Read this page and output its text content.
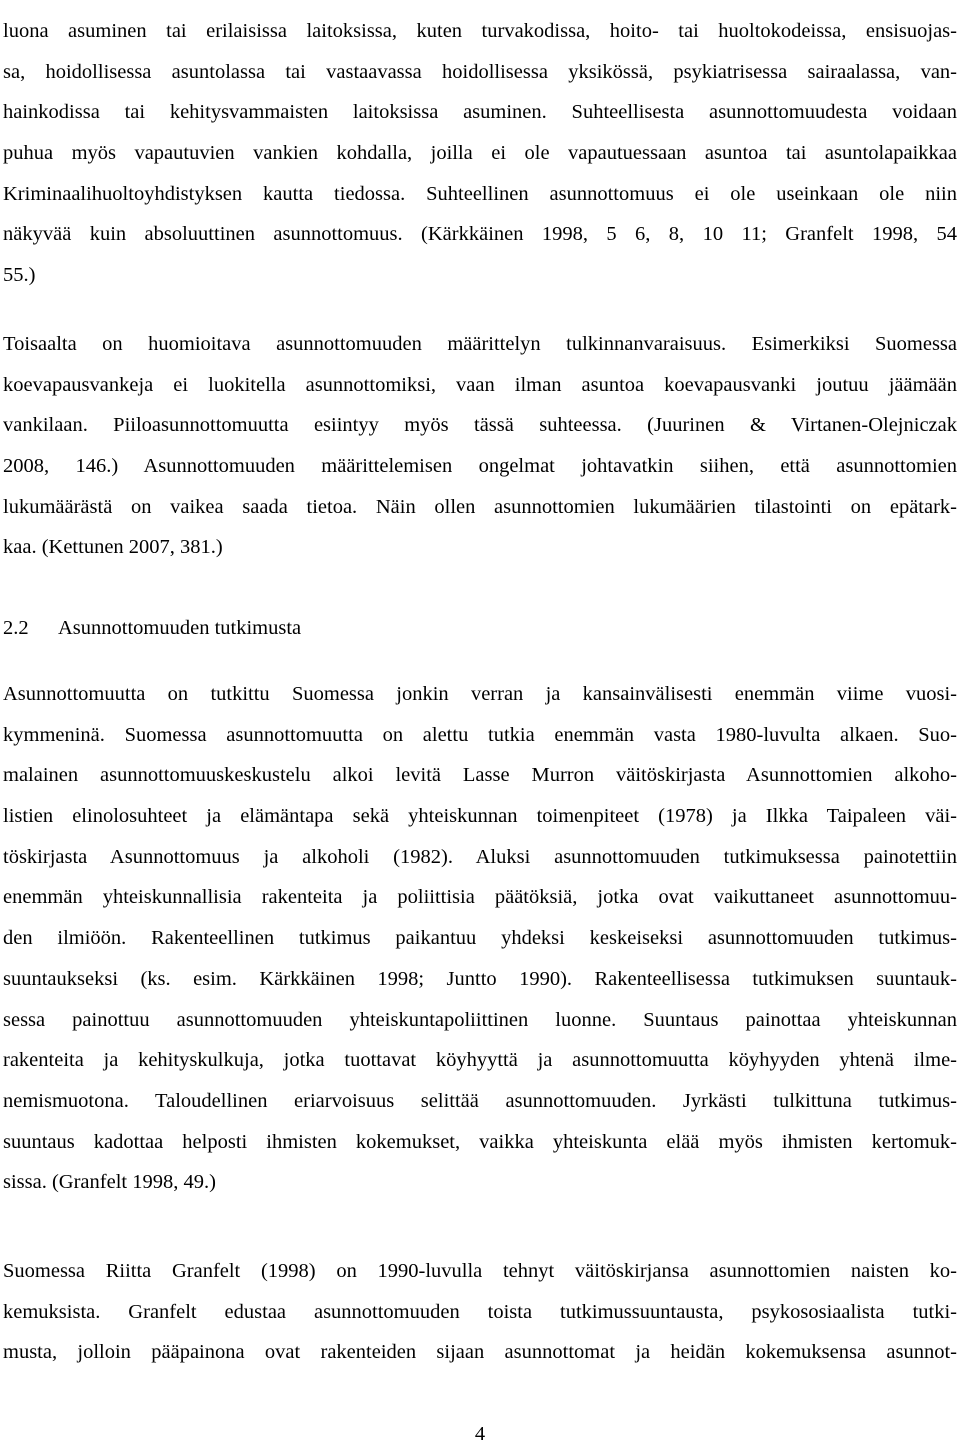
luona asuminen tai erilaisissa laitoksissa, kuten turvakodissa, hoito- tai huoltokodeissa, ensisuojas-
sa, hoidollisessa asuntolassa tai vastaavassa hoidollisessa yksikössä, psykiatrisessa sairaalassa, van-
hainkodissa tai kehitysvammaisten laitoksissa asuminen. Suhteellisesta asunnottomuudesta voidaan
puhua myös vapautuvien vankien kohdalla, joilla ei ole vapautuessaan asuntoa tai asuntolapaikkaa
Kriminaalihuoltoyhdistyksen kautta tiedossa. Suhteellinen asunnottomuus ei ole useinkaan ole niin
näkyvää kuin absoluuttinen asunnottomuus. (Kärkkäinen 1998, 5 6, 8, 10 11; Granfelt 1998, 54
55.)
Toisaalta on huomioitava asunnottomuuden määrittelyn tulkinnanvaraisuus. Esimerkiksi Suomessa
koevapausvankeja ei luokitella asunnottomiksi, vaan ilman asuntoa koevapausvanki joutuu jäämään
vankilaan. Piiloasunnottomuutta esiintyy myös tässä suhteessa. (Juurinen & Virtanen-Olejniczak
2008, 146.) Asunnottomuuden määrittelemisen ongelmat johtavatkin siihen, että asunnottomien
lukumäärästä on vaikea saada tietoa. Näin ollen asunnottomien lukumäärien tilastointi on epätark-
kaa. (Kettunen 2007, 381.)
2.2 Asunnottomuuden tutkimusta
Asunnottomuutta on tutkittu Suomessa jonkin verran ja kansainvälisesti enemmän viime vuosi-
kymmeninä. Suomessa asunnottomuutta on alettu tutkia enemmän vasta 1980-luvulta alkaen. Suo-
malainen asunnottomuuskeskustelu alkoi levitä Lasse Murron väitöskirjasta Asunnottomien alkoho-
listien elinolosuhteet ja elämäntapa sekä yhteiskunnan toimenpiteet (1978) ja Ilkka Taipaleen väi-
töskirjasta Asunnottomuus ja alkoholi (1982). Aluksi asunnottomuuden tutkimuksessa painotettiin
enemmän yhteiskunnallisia rakenteita ja poliittisia päätöksiä, jotka ovat vaikuttaneet asunnottomuu-
den ilmiöön. Rakenteellinen tutkimus paikantuu yhdeksi keskeiseksi asunnottomuuden tutkimus-
suuntaukseksi (ks. esim. Kärkkäinen 1998; Juntto 1990). Rakenteellisessa tutkimuksen suuntauk-
sessa painottuu asunnottomuuden yhteiskuntapoliittinen luonne. Suuntaus painottaa yhteiskunnan
rakenteita ja kehityskulkuja, jotka tuottavat köyhyyttä ja asunnottomuutta köyhyyden yhtenä ilme-
nemismuotona. Taloudellinen eriarvoisuus selittää asunnottomuuden. Jyrkästi tulkittuna tutkimus-
suuntaus kadottaa helposti ihmisten kokemukset, vaikka yhteiskunta elää myös ihmisten kertomuk-
sissa. (Granfelt 1998, 49.)
Suomessa Riitta Granfelt (1998) on 1990-luvulla tehnyt väitöskirjansa asunnottomien naisten ko-
kemuksista. Granfelt edustaa asunnottomuuden toista tutkimussuuntausta, psykososiaalista tutki-
musta, jolloin pääpainona ovat rakenteiden sijaan asunnottomat ja heidän kokemuksensa asunnot-
4
